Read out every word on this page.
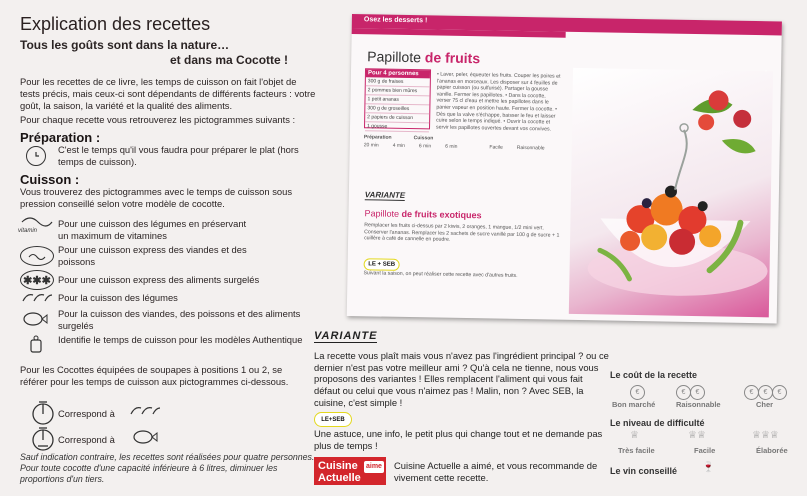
Explication des recettes
Tous les goûts sont dans la nature…
et dans ma Cocotte !
Pour les recettes de ce livre, les temps de cuisson on fait l'objet de tests précis, mais ceux-ci sont dépendants de différents facteurs : votre goût, la saison, la variété et la qualité des aliments.
Pour chaque recette vous retrouverez les pictogrammes suivants :
Préparation :
C'est le temps qu'il vous faudra pour préparer le plat (hors temps de cuisson).
Cuisson :
Vous trouverez des pictogrammes avec le temps de cuisson sous pression conseillé selon votre modèle de cocotte.
vitamin
Pour une cuisson des légumes en préservant un maximum de vitamines
Pour une cuisson express des viandes et des poissons
✱✱✱ Pour une cuisson express des aliments surgelés
Pour la cuisson des légumes
Pour la cuisson des viandes, des poissons et des aliments surgelés
Identifie le temps de cuisson pour les modèles Authentique
Pour les Cocottes équipées de soupapes à positions 1 ou 2, se référer pour les temps de cuisson aux pictogrammes ci-dessous.
Correspond à
Correspond à
Sauf indication contraire, les recettes sont réalisées pour quatre personnes. Pour toute cocotte d'une capacité inférieure à 6 litres, diminuer les proportions d'un tiers.
Osez les desserts !
Papillote de fruits
Pour 4 personnes
300 g de fraises
2 pommes bien mûres
1 petit ananas
300 g de groseilles
2 papiers de cuisson
1 gousse
• Laver, peler, équeuter les fruits. Couper les poires et l'ananas en morceaux. Les disposer sur 4 feuilles de papier cuisson (ou sulfurisé). Partager la gousse vanille. Fermer les papillotes. • Dans la cocotte, verser 75 cl d'eau et mettre les papillotes dans le panier vapeur en position haute. Fermer la cocotte. • Dès que la valve s'échappe, baisser le feu et laisser cuire selon le temps indiqué. • Ouvrir la cocotte et servir les papillotes ouvertes devant vos convives.
Préparation	Cuisson
20 min	4 min	6 min	6 min	Facile	Raisonnable
VARIANTE
Papillote de fruits exotiques
Remplacer les fruits ci-dessus par 2 kiwis, 2 oranges, 1 mangue, 1/2 mini vert. Conserver l'ananas. Remplacer les 2 sachets de sucre vanillé par 100 g de sucre + 1 cuillère à café de cannelle en poudre.
LE + SEB
Suivant la saison, on peut réaliser cette recette avec d'autres fruits.
VARIANTE
La recette vous plaît mais vous n'avez pas l'ingrédient principal ? ou ce dernier n'est pas votre meilleur ami ? Qu'à cela ne tienne, nous vous proposons des variantes ! Elles remplacent l'aliment qui vous fait défaut ou celui que vous n'aimez pas ! Malin, non ? Avec SEB, la cuisine, c'est simple !
LE+SEB
Une astuce, une info, le petit plus qui change tout et ne demande pas plus de temps !
Cuisine
Actuelle
aime Cuisine Actuelle a aimé, et vous recommande de vivement cette recette.
Le coût de la recette
€	€	€	€	€	€
Bon marché	Raisonnable	Cher
Le niveau de difficulté
♕	♕♕	♕♕♕
Très facile	Facile	Élaborée
Le vin conseillé 🍷
